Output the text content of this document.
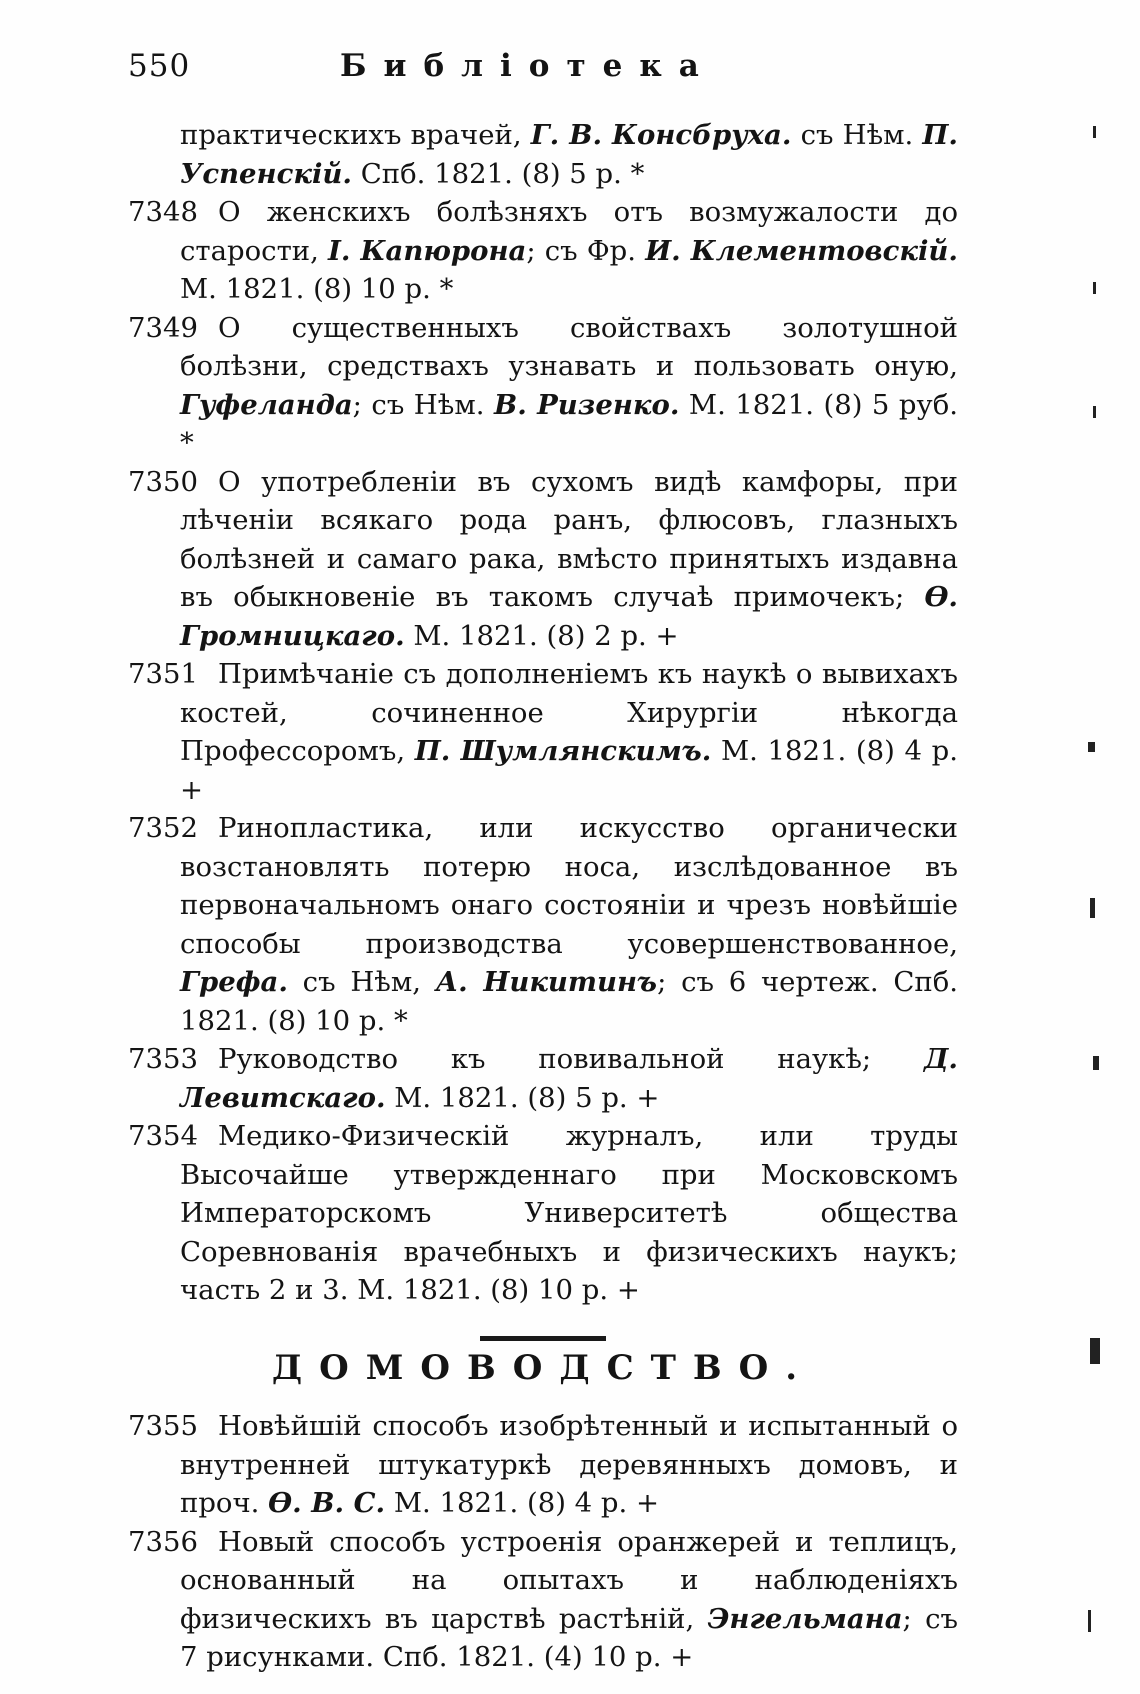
550	Библіотека
практическихъ врачей, Г. В. Консбруха. съ Нѣм. П. Успенскій. Спб. 1821. (8) 5 р. *
7348 О женскихъ болѣзняхъ отъ возмужалости до старости, І. Капюрона; съ Фр. И. Клементовскій. М. 1821. (8) 10 р. *
7349 О существенныхъ свойствахъ золотушной болѣзни, средствахъ узнавать и пользовать оную, Гуфеланда; съ Нѣм. В. Ризенко. М. 1821. (8) 5 руб. *
7350 О употребленіи въ сухомъ видѣ камфоры, при лѣченіи всякаго рода ранъ, флюсовъ, глазныхъ болѣзней и самаго рака, вмѣсто принятыхъ издавна въ обыкновеніе въ такомъ случаѣ примочекъ; Ѳ. Громницкаго. М. 1821. (8) 2 р. +
7351 Примѣчаніе съ дополненіемъ къ наукѣ о вывихахъ костей, сочиненное Хирургіи нѣкогда Профессоромъ, П. Шумлянскимъ. М. 1821. (8) 4 р. +
7352 Ринопластика, или искусство органически возстановлять потерю носа, изслѣдованное въ первоначальномъ онаго состояніи и чрезъ новѣйшіе способы производства усовершенствованное, Грефа. съ Нѣм, А. Никитинъ; съ 6 чертеж. Спб. 1821. (8) 10 р. *
7353 Руководство къ повивальной наукѣ; Д. Левитскаго. М. 1821. (8) 5 р. +
7354 Медико-Физическій журналъ, или труды Высочайше утвержденнаго при Московскомъ Императорскомъ Университетѣ общества Соревнованія врачебныхъ и физическихъ наукъ; часть 2 и 3. М. 1821. (8) 10 р. +
ДОМОВОДСТВО.
7355 Новѣйшій способъ изобрѣтенный и испытанный о внутренней штукатуркѣ деревянныхъ домовъ, и проч. Ѳ. В. С. М. 1821. (8) 4 р. +
7356 Новый способъ устроенія оранжерей и теплицъ, основанный на опытахъ и наблюденіяхъ физическихъ въ царствѣ растѣній, Энгельмана; съ 7 рисунками. Спб. 1821. (4) 10 р. +
